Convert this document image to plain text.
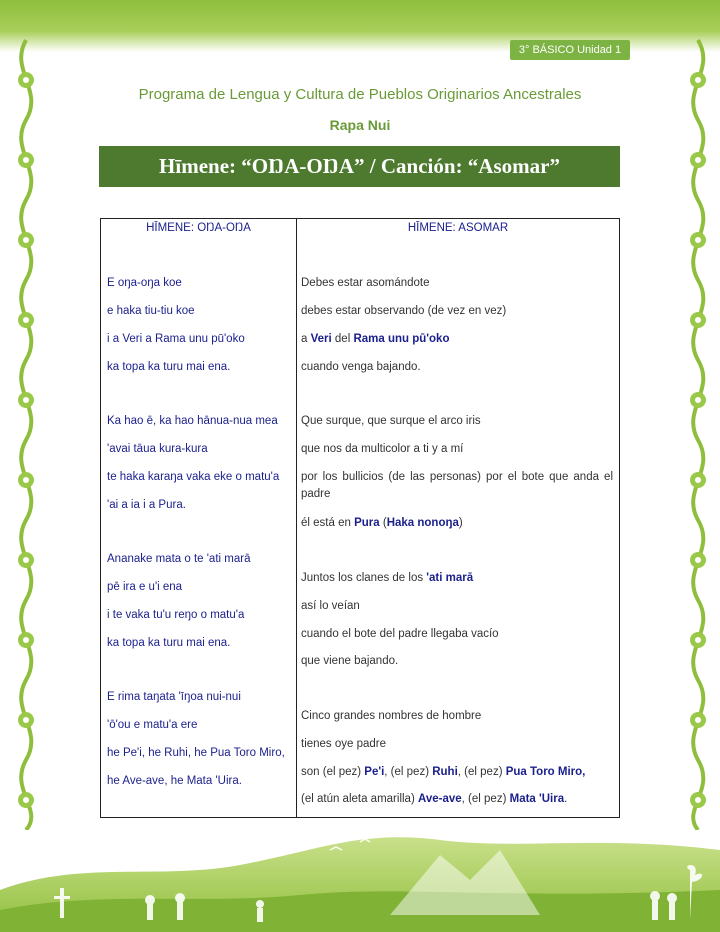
3° BÁSICO Unidad 1
Programa de Lengua y Cultura de Pueblos Originarios Ancestrales
Rapa Nui
Hīmene: “OŊA-OŊA” / Canción: “Asomar”
HĪMENE: OŊA-OŊA	HĪMENE: ASOMAR
E oŋa-oŋa koe
e haka tiu-tiu koe
i a Veri a Rama unu pū'oko
ka topa ka turu mai ena.
Ka hao ē, ka hao hānua-nua mea
'avai tāua kura-kura
te haka karaŋa vaka eke o matu'a
'ai a ia i a Pura.
Ananake mata o te 'ati marā
pē ira e u'i ena
i te vaka tu'u reŋo o matu'a
ka topa ka turu mai ena.
E rima taŋata 'īŋoa nui-nui
'ō'ou e matu'a ere
he Pe'i, he Ruhi, he Pua Toro Miro,
he Ave-ave, he Mata 'Uira.
Debes estar asomándote
debes estar observando (de vez en vez)
a Veri del Rama unu pū'oko
cuando venga bajando.
Que surque, que surque el arco iris
que nos da multicolor a ti y a mí
por los bullicios (de las personas) por el bote que anda el padre
él está en Pura (Haka nonoŋa)
Juntos los clanes de los 'ati marā
así lo veían
cuando el bote del padre llegaba vacío
que viene bajando.
Cinco grandes nombres de hombre
tienes oye padre
son (el pez) Pe'i, (el pez) Ruhi, (el pez) Pua Toro Miro,
(el atún aleta amarilla) Ave-ave, (el pez) Mata 'Uira.
